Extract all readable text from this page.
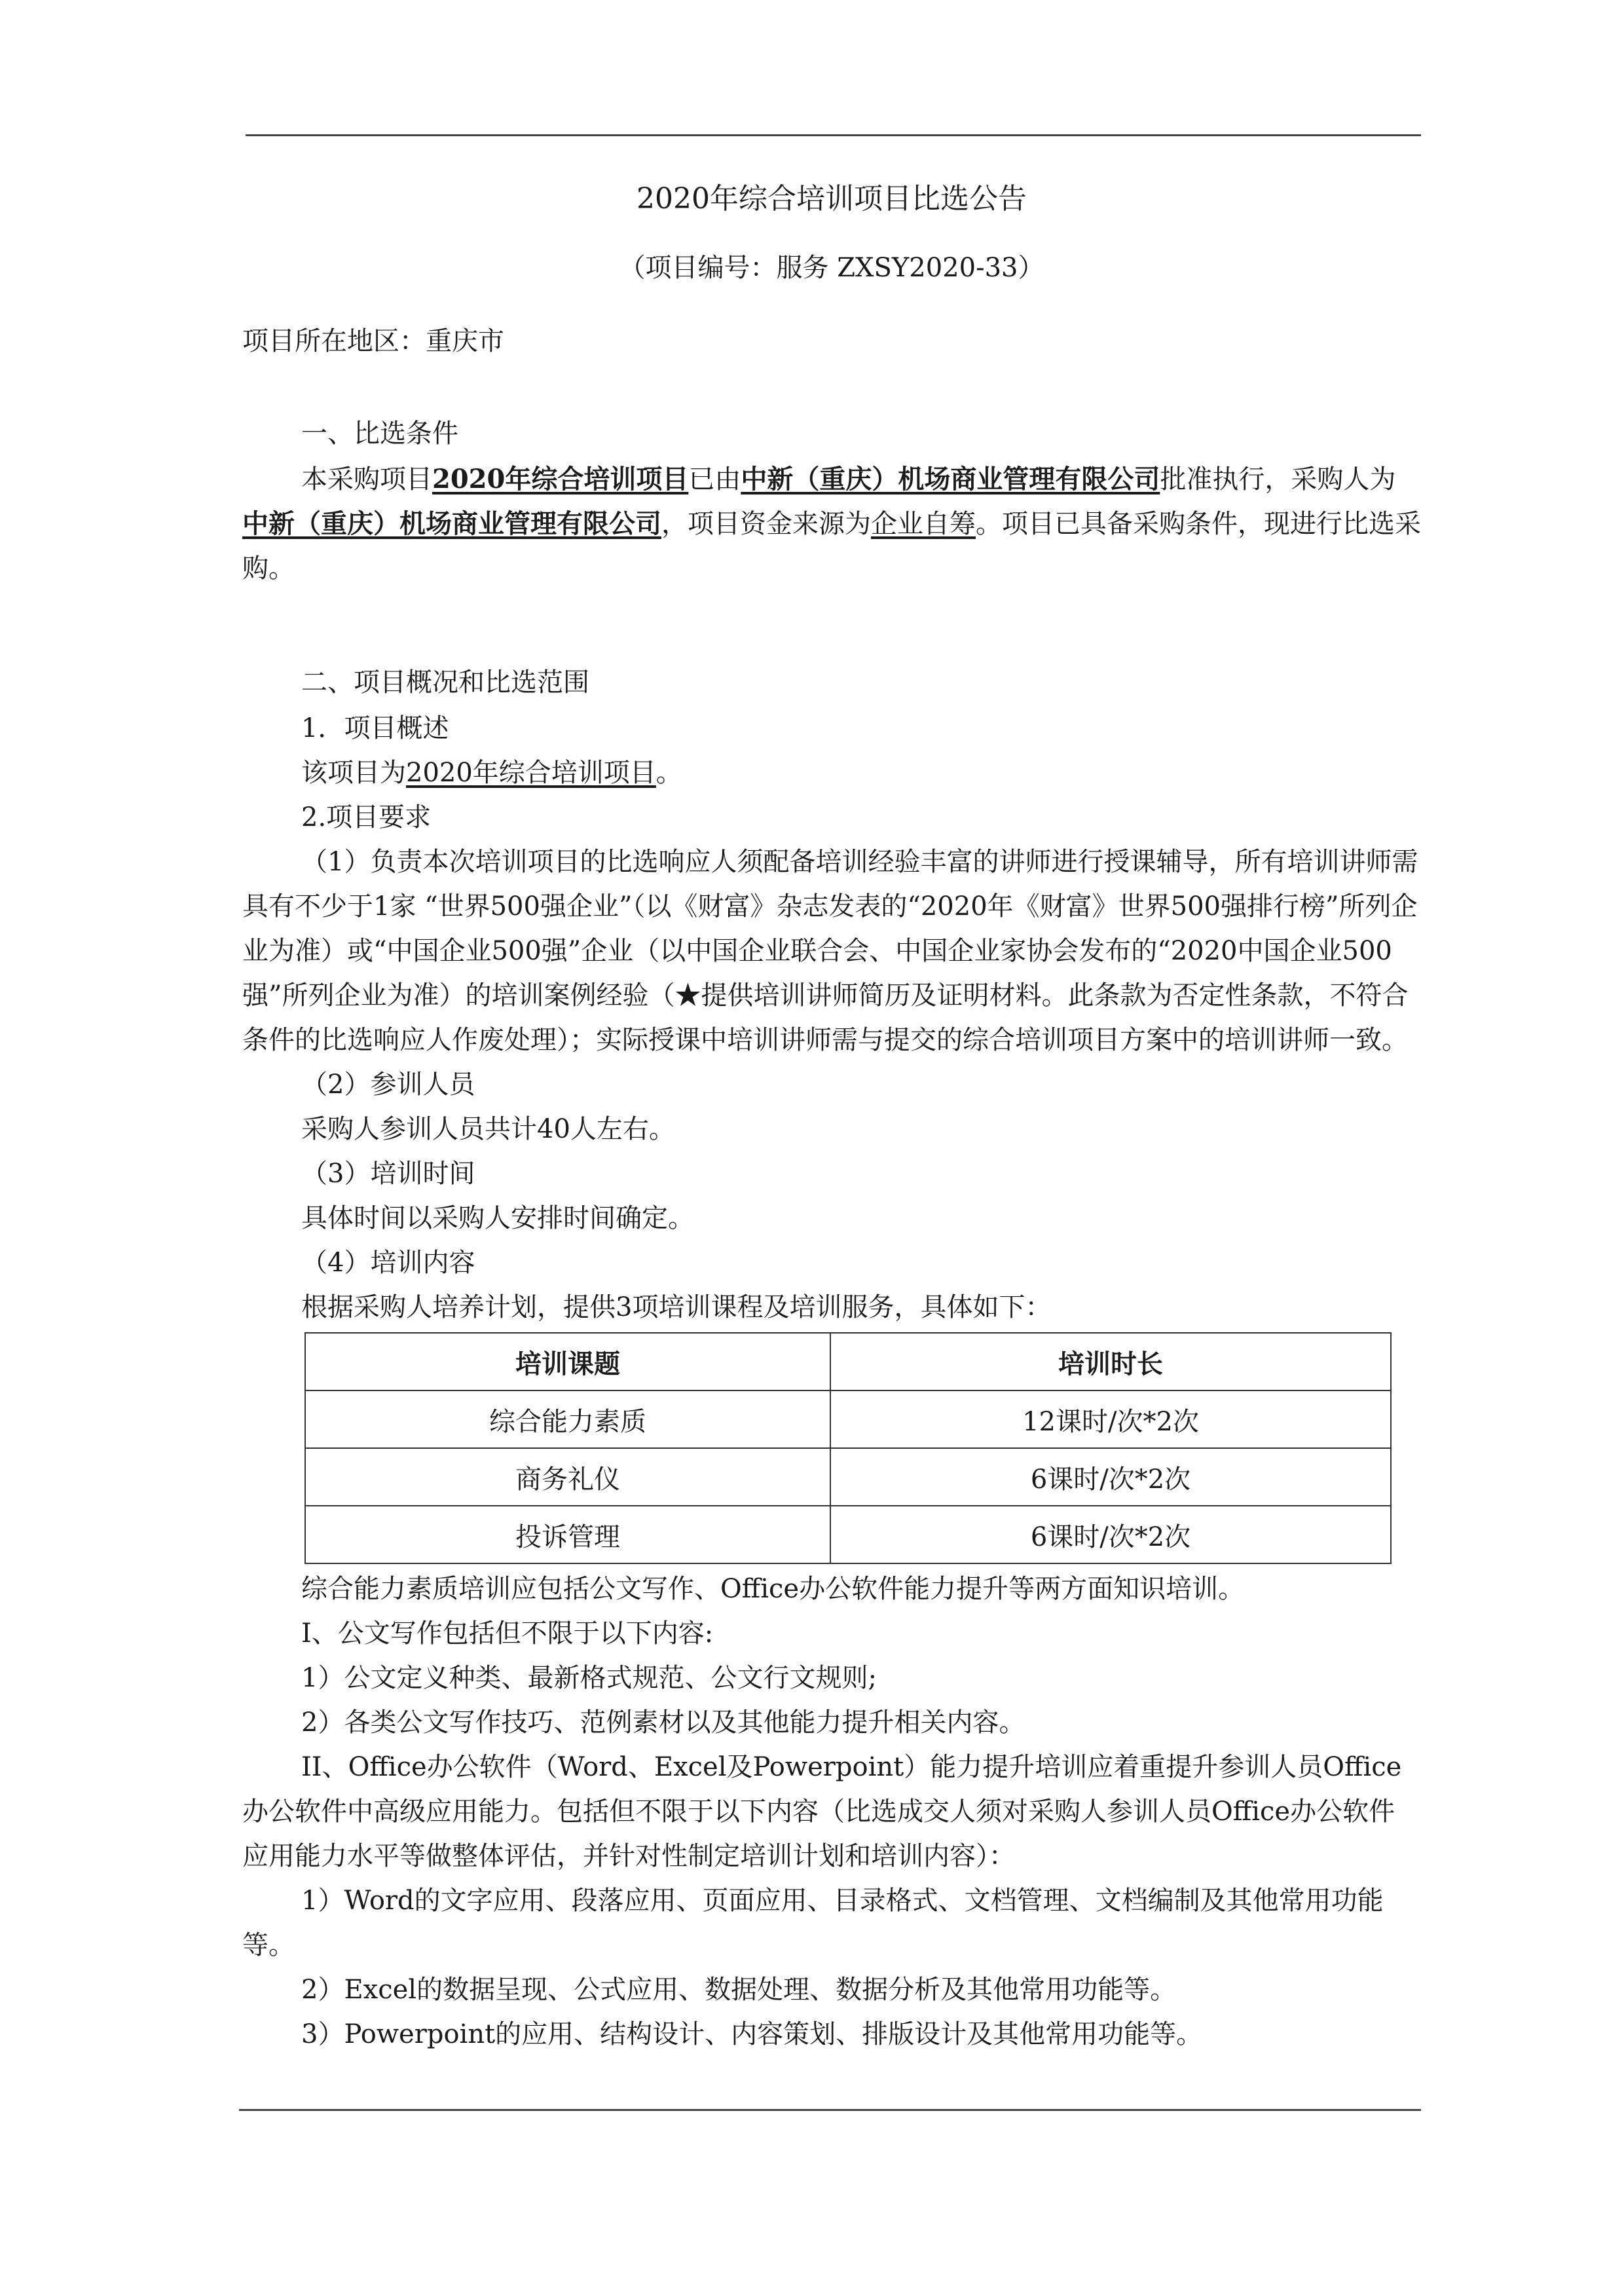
2020年综合培训项目比选公告
（项目编号：服务 ZXSY2020-33）
项目所在地区：重庆市
一、比选条件

本采购项目2020年综合培训项目已由中新（重庆）机场商业管理有限公司批准执行，采购人为中新（重庆）机场商业管理有限公司，项目资金来源为企业自筹。项目已具备采购条件，现进行比选采购。

二、项目概况和比选范围

1．项目概述

该项目为2020年综合培训项目。

2.项目要求

（1）负责本次培训项目的比选响应人须配备培训经验丰富的讲师进行授课辅导，所有培训讲师需具有不少于1家 “世界500强企业”（以《财富》杂志发表的“2020年《财富》世界500强排行榜”所列企业为准）或“中国企业500强”企业（以中国企业联合会、中国企业家协会发布的“2020中国企业500强”所列企业为准）的培训案例经验（★提供培训讲师简历及证明材料。此条款为否定性条款，不符合条件的比选响应人作废处理）；实际授课中培训讲师需与提交的综合培训项目方案中的培训讲师一致。

（2）参训人员

采购人参训人员共计40人左右。

（3）培训时间

具体时间以采购人安排时间确定。

（4）培训内容

根据采购人培养计划，提供3项培训课程及培训服务，具体如下：

培训课题	培训时长
综合能力素质	12课时/次*2次
商务礼仪	6课时/次*2次
投诉管理	6课时/次*2次

综合能力素质培训应包括公文写作、Office办公软件能力提升等两方面知识培训。

I、公文写作包括但不限于以下内容:

1）公文定义种类、最新格式规范、公文行文规则;

2）各类公文写作技巧、范例素材以及其他能力提升相关内容。

II、Office办公软件（Word、Excel及Powerpoint）能力提升培训应着重提升参训人员Office办公软件中高级应用能力。包括但不限于以下内容（比选成交人须对采购人参训人员Office办公软件应用能力水平等做整体评估，并针对性制定培训计划和培训内容）：

1）Word的文字应用、段落应用、页面应用、目录格式、文档管理、文档编制及其他常用功能等。

2）Excel的数据呈现、公式应用、数据处理、数据分析及其他常用功能等。

3）Powerpoint的应用、结构设计、内容策划、排版设计及其他常用功能等。
